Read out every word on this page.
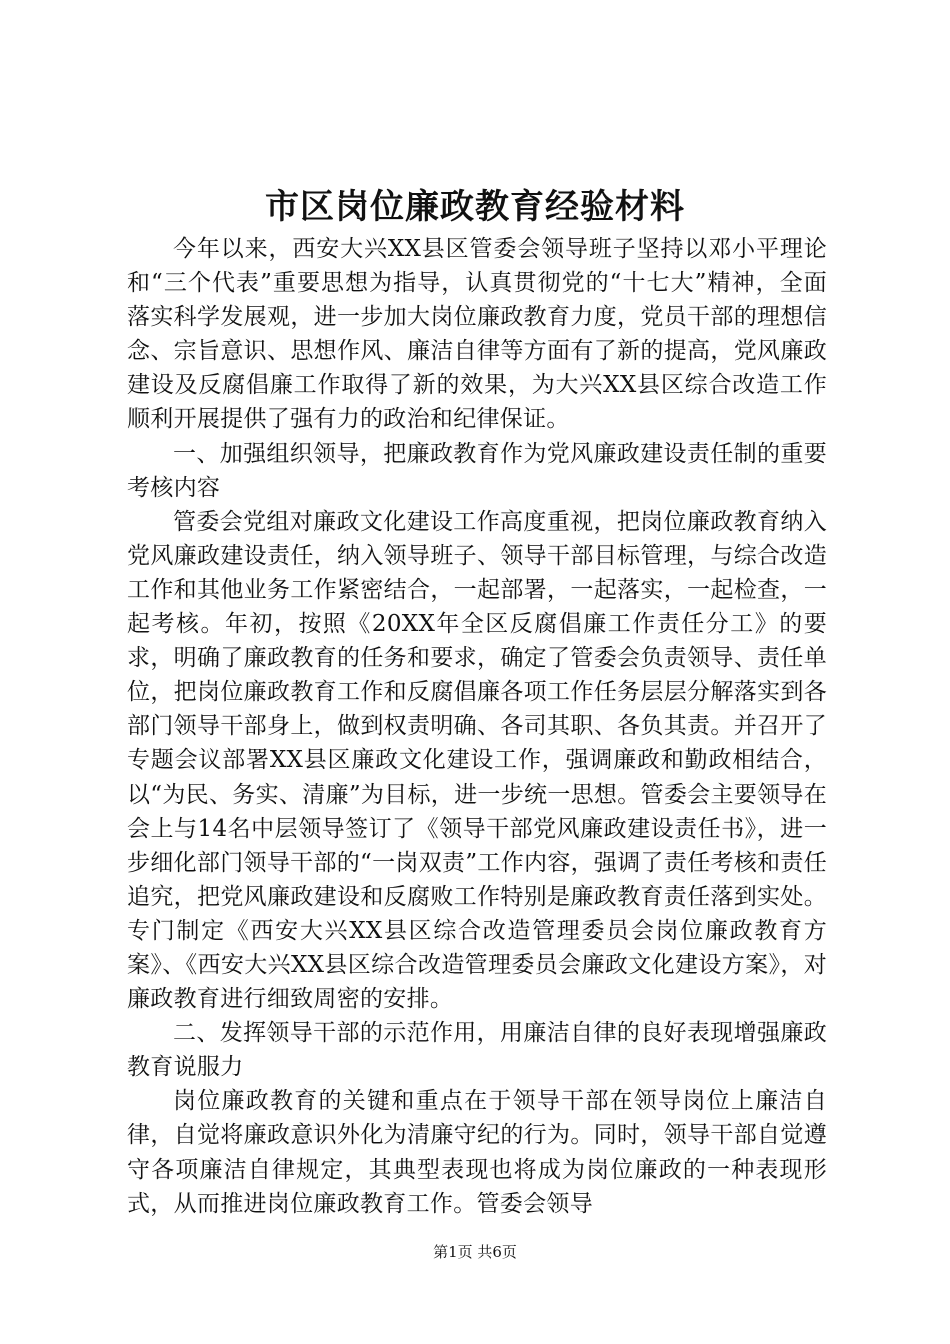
市区岗位廉政教育经验材料

今年以来，西安大兴XX县区管委会领导班子坚持以邓小平理论和“三个代表”重要思想为指导，认真贯彻党的“十七大”精神，全面落实科学发展观，进一步加大岗位廉政教育力度，党员干部的理想信念、宗旨意识、思想作风、廉洁自律等方面有了新的提高，党风廉政建设及反腐倡廉工作取得了新的效果，为大兴XX县区综合改造工作顺利开展提供了强有力的政治和纪律保证。

一、加强组织领导，把廉政教育作为党风廉政建设责任制的重要考核内容

管委会党组对廉政文化建设工作高度重视，把岗位廉政教育纳入党风廉政建设责任，纳入领导班子、领导干部目标管理，与综合改造工作和其他业务工作紧密结合，一起部署，一起落实，一起检查，一起考核。年初，按照《20XX年全区反腐倡廉工作责任分工》的要求，明确了廉政教育的任务和要求，确定了管委会负责领导、责任单位，把岗位廉政教育工作和反腐倡廉各项工作任务层层分解落实到各部门领导干部身上，做到权责明确、各司其职、各负其责。并召开了专题会议部署XX县区廉政文化建设工作，强调廉政和勤政相结合，以“为民、务实、清廉”为目标，进一步统一思想。管委会主要领导在会上与14名中层领导签订了《领导干部党风廉政建设责任书》，进一步细化部门领导干部的“一岗双责”工作内容，强调了责任考核和责任追究，把党风廉政建设和反腐败工作特别是廉政教育责任落到实处。专门制定《西安大兴XX县区综合改造管理委员会岗位廉政教育方案》、《西安大兴XX县区综合改造管理委员会廉政文化建设方案》，对廉政教育进行细致周密的安排。

二、发挥领导干部的示范作用，用廉洁自律的良好表现增强廉政教育说服力

岗位廉政教育的关键和重点在于领导干部在领导岗位上廉洁自律，自觉将廉政意识外化为清廉守纪的行为。同时，领导干部自觉遵守各项廉洁自律规定，其典型表现也将成为岗位廉政的一种表现形式，从而推进岗位廉政教育工作。管委会领导

第1页 共6页
